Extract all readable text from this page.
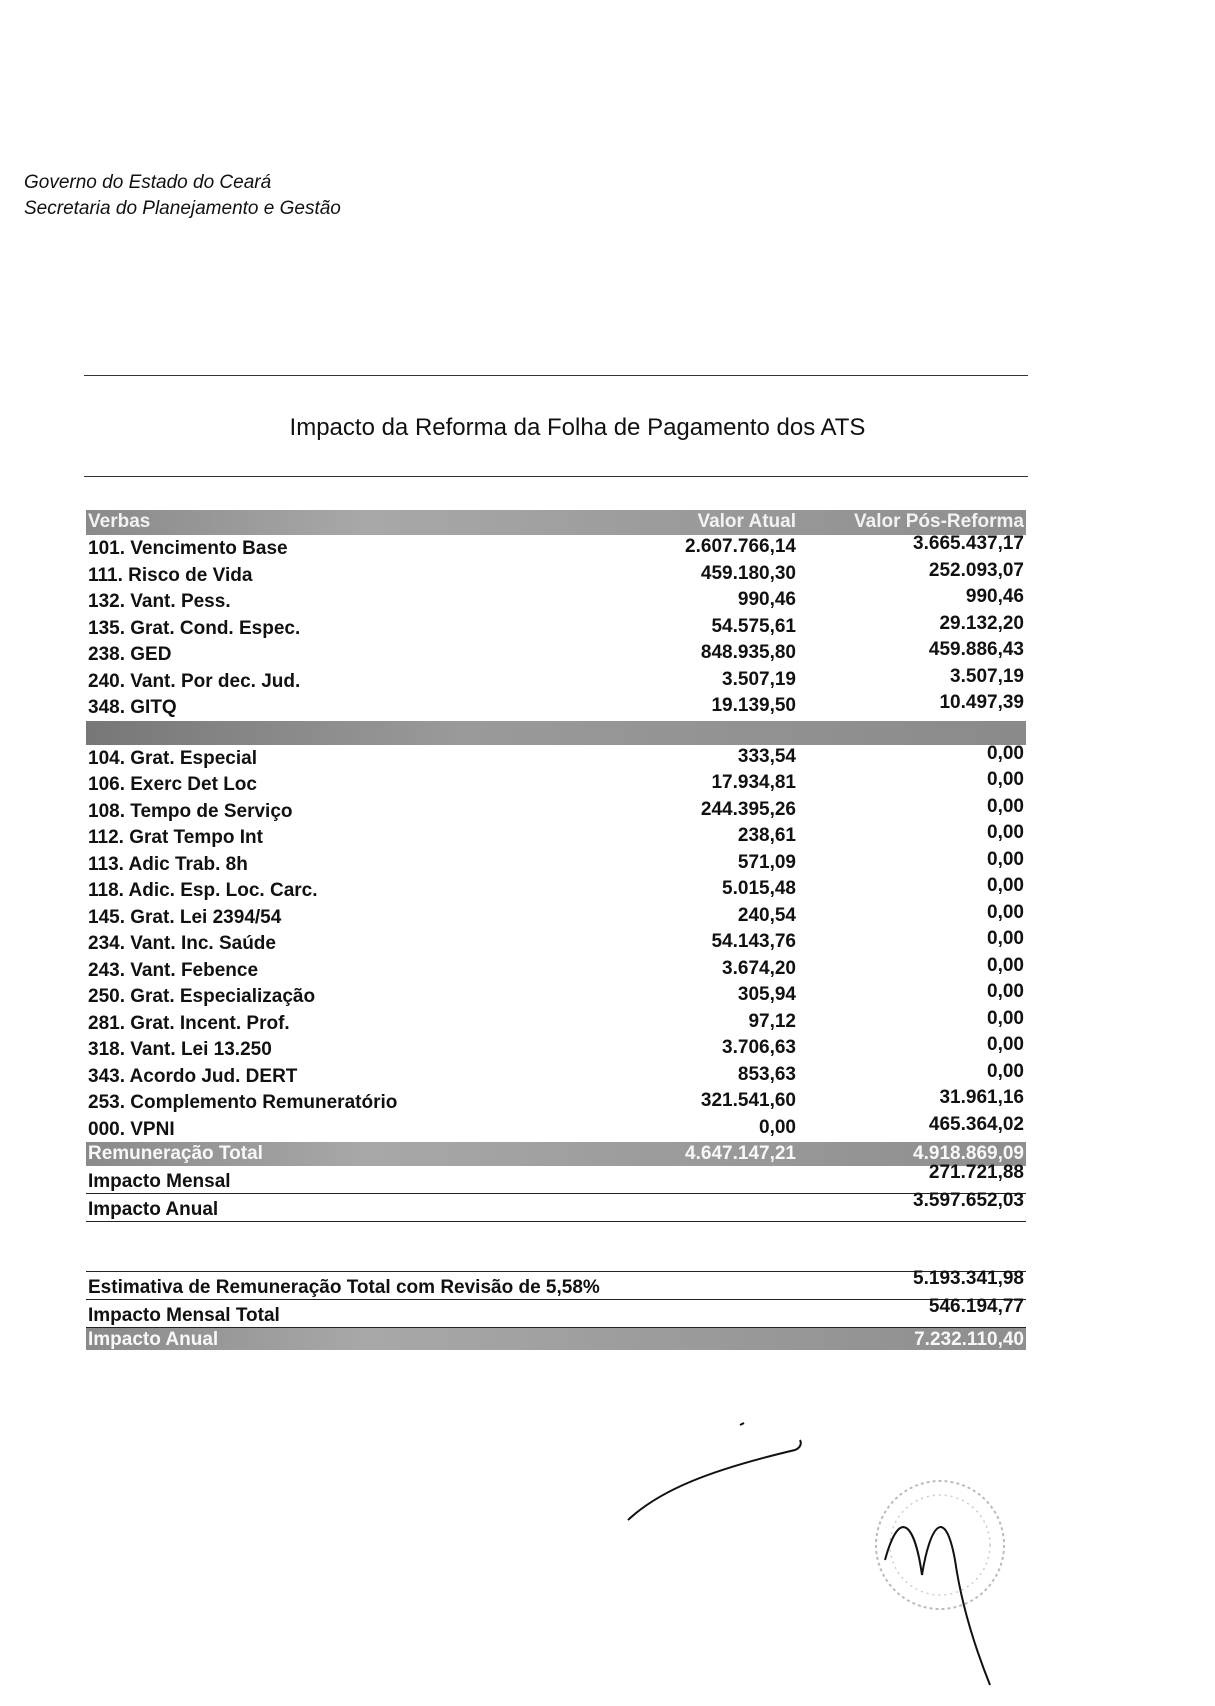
Governo do Estado do Ceará
Secretaria do Planejamento e Gestão
Impacto da Reforma da Folha de Pagamento dos ATS
Verbas	Valor Atual	Valor Pós-Reforma
101. Vencimento Base	2.607.766,14	3.665.437,17
111. Risco de Vida	459.180,30	252.093,07
132. Vant. Pess.	990,46	990,46
135. Grat. Cond. Espec.	54.575,61	29.132,20
238. GED	848.935,80	459.886,43
240. Vant. Por dec. Jud.	3.507,19	3.507,19
348. GITQ	19.139,50	10.497,39
104. Grat. Especial	333,54	0,00
106. Exerc Det Loc	17.934,81	0,00
108. Tempo de Serviço	244.395,26	0,00
112. Grat Tempo Int	238,61	0,00
113. Adic Trab. 8h	571,09	0,00
118. Adic. Esp. Loc. Carc.	5.015,48	0,00
145. Grat. Lei 2394/54	240,54	0,00
234. Vant. Inc. Saúde	54.143,76	0,00
243. Vant. Febence	3.674,20	0,00
250. Grat. Especialização	305,94	0,00
281. Grat. Incent. Prof.	97,12	0,00
318. Vant. Lei 13.250	3.706,63	0,00
343. Acordo Jud. DERT	853,63	0,00
253. Complemento Remuneratório	321.541,60	31.961,16
000. VPNI	0,00	465.364,02
Remuneração Total	4.647.147,21	4.918.869,09
Impacto Mensal	271.721,88
Impacto Anual	3.597.652,03
Estimativa de Remuneração Total com Revisão de 5,58%	5.193.341,98
Impacto Mensal Total	546.194,77
Impacto Anual	7.232.110,40
